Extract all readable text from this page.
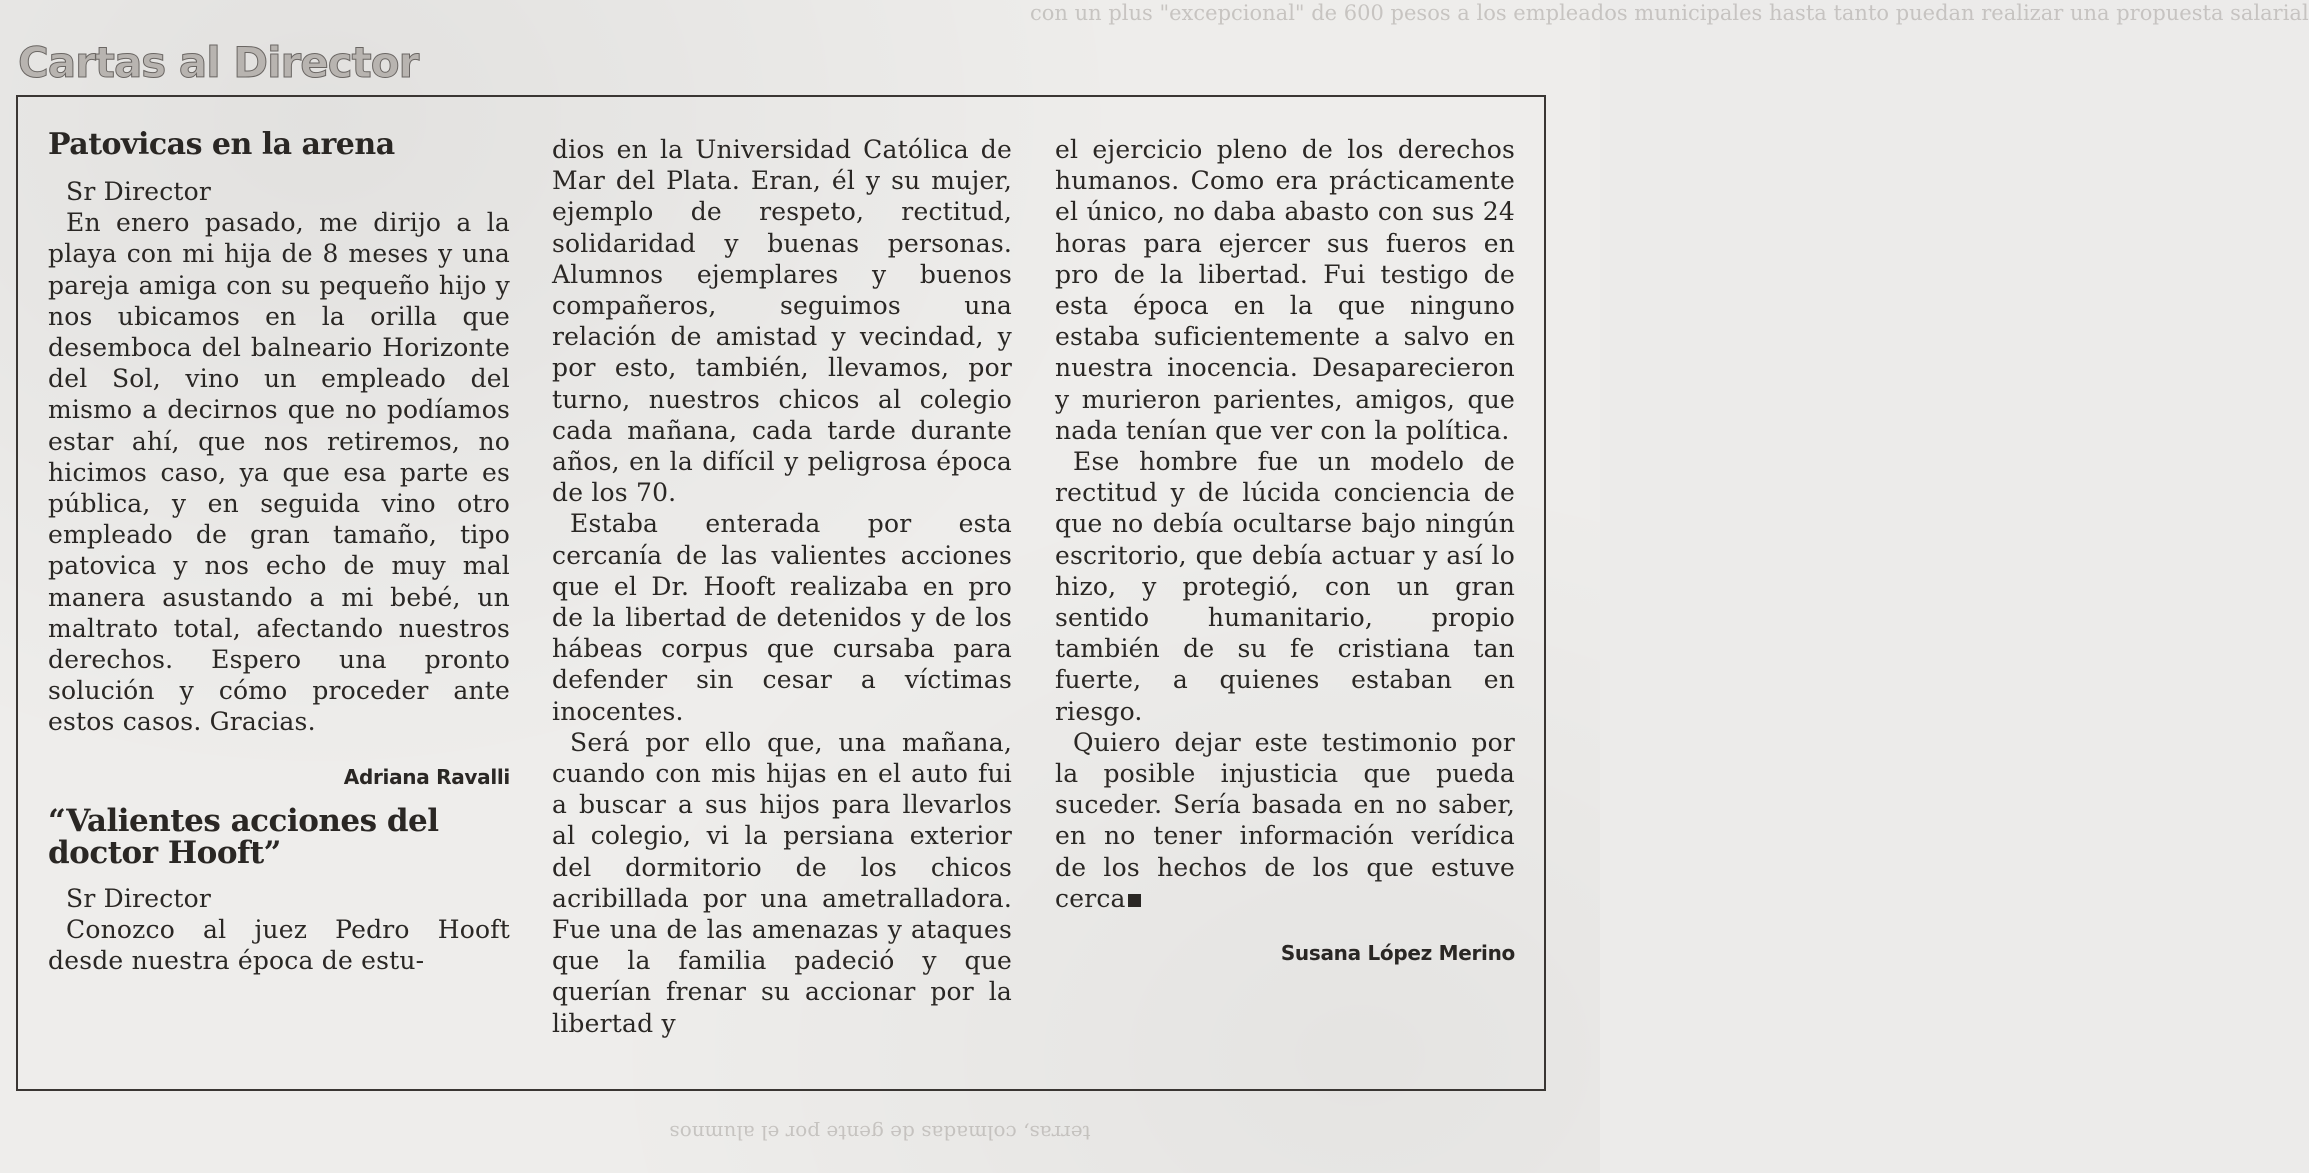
con un plus "excepcional" de 600 pesos a los empleados municipales hasta tanto puedan realizar una propuesta salarial
terras, colmadas de gente por el alumnos
Cartas al Director
Patovicas en la arena

Sr Director

En enero pasado, me dirijo a la playa con mi hija de 8 meses y una pareja amiga con su pequeño hijo y nos ubicamos en la orilla que desemboca del balneario Horizonte del Sol, vino un empleado del mismo a decirnos que no podíamos estar ahí, que nos retiremos, no hicimos caso, ya que esa parte es pública, y en seguida vino otro empleado de gran tamaño, tipo patovica y nos echo de muy mal manera asustando a mi bebé, un maltrato total, afectando nuestros derechos. Espero una pronto solución y cómo proceder ante estos casos. Gracias.

Adriana Ravalli
“Valientes acciones del doctor Hooft”

Sr Director

Conozco al juez Pedro Hooft desde nuestra época de estu-

dios en la Universidad Católica de Mar del Plata. Eran, él y su mujer, ejemplo de respeto, rectitud, solidaridad y buenas personas. Alumnos ejemplares y buenos compañeros, seguimos una relación de amistad y vecindad, y por esto, también, llevamos, por turno, nuestros chicos al colegio cada mañana, cada tarde durante años, en la difícil y peligrosa época de los 70.

Estaba enterada por esta cercanía de las valientes acciones que el Dr. Hooft realizaba en pro de la libertad de detenidos y de los hábeas corpus que cursaba para defender sin cesar a víctimas inocentes.

Será por ello que, una mañana, cuando con mis hijas en el auto fui a buscar a sus hijos para llevarlos al colegio, vi la persiana exterior del dormitorio de los chicos acribillada por una ametralladora. Fue una de las amenazas y ataques que la familia padeció y que querían frenar su accionar por la libertad y

el ejercicio pleno de los derechos humanos. Como era prácticamente el único, no daba abasto con sus 24 horas para ejercer sus fueros en pro de la libertad. Fui testigo de esta época en la que ninguno estaba suficientemente a salvo en nuestra inocencia. Desaparecieron y murieron parientes, amigos, que nada tenían que ver con la política.

Ese hombre fue un modelo de rectitud y de lúcida conciencia de que no debía ocultarse bajo ningún escritorio, que debía actuar y así lo hizo, y protegió, con un gran sentido humanitario, propio también de su fe cristiana tan fuerte, a quienes estaban en riesgo.

Quiero dejar este testimonio por la posible injusticia que pueda suceder. Sería basada en no saber, en no tener información verídica de los hechos de los que estuve cerca

Susana López Merino
